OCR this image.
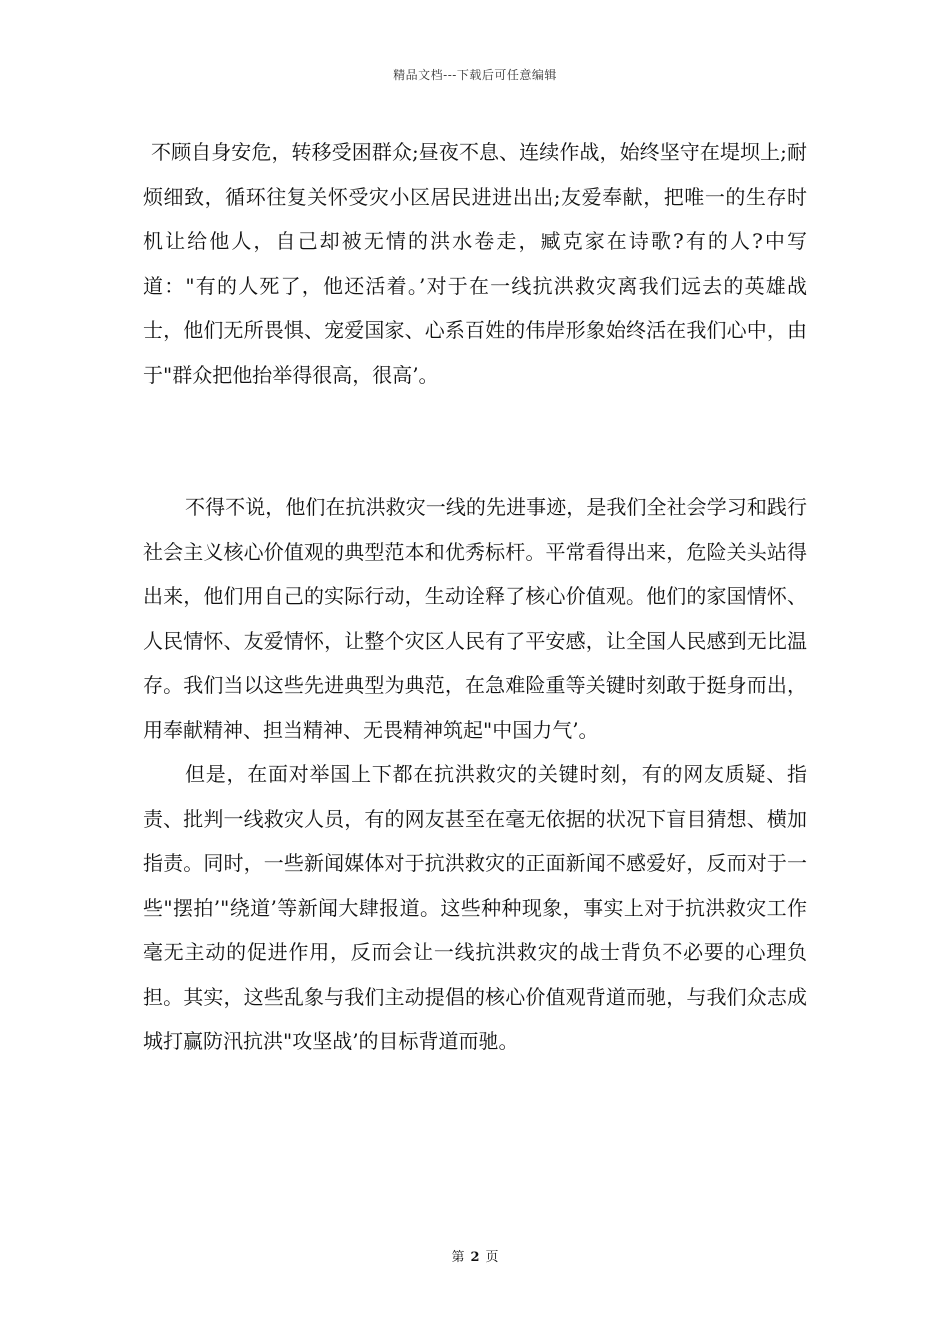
精品文档---下载后可任意编辑

不顾自身安危，转移受困群众;昼夜不息、连续作战，始终坚守在堤坝上;耐烦细致，循环往复关怀受灾小区居民进进出出;友爱奉献，把唯一的生存时机让给他人，自己却被无情的洪水卷走，臧克家在诗歌?有的人?中写道："有的人死了，他还活着。’对于在一线抗洪救灾离我们远去的英雄战士，他们无所畏惧、宠爱国家、心系百姓的伟岸形象始终活在我们心中，由于"群众把他抬举得很高，很高’。

不得不说，他们在抗洪救灾一线的先进事迹，是我们全社会学习和践行社会主义核心价值观的典型范本和优秀标杆。平常看得出来，危险关头站得出来，他们用自己的实际行动，生动诠释了核心价值观。他们的家国情怀、人民情怀、友爱情怀，让整个灾区人民有了平安感，让全国人民感到无比温存。我们当以这些先进典型为典范，在急难险重等关键时刻敢于挺身而出，用奉献精神、担当精神、无畏精神筑起"中国力气’。

但是，在面对举国上下都在抗洪救灾的关键时刻，有的网友质疑、指责、批判一线救灾人员，有的网友甚至在毫无依据的状况下盲目猜想、横加指责。同时，一些新闻媒体对于抗洪救灾的正面新闻不感爱好，反而对于一些"摆拍’"绕道’等新闻大肆报道。这些种种现象，事实上对于抗洪救灾工作毫无主动的促进作用，反而会让一线抗洪救灾的战士背负不必要的心理负担。其实，这些乱象与我们主动提倡的核心价值观背道而驰，与我们众志成城打赢防汛抗洪"攻坚战’的目标背道而驰。

第 2 页
